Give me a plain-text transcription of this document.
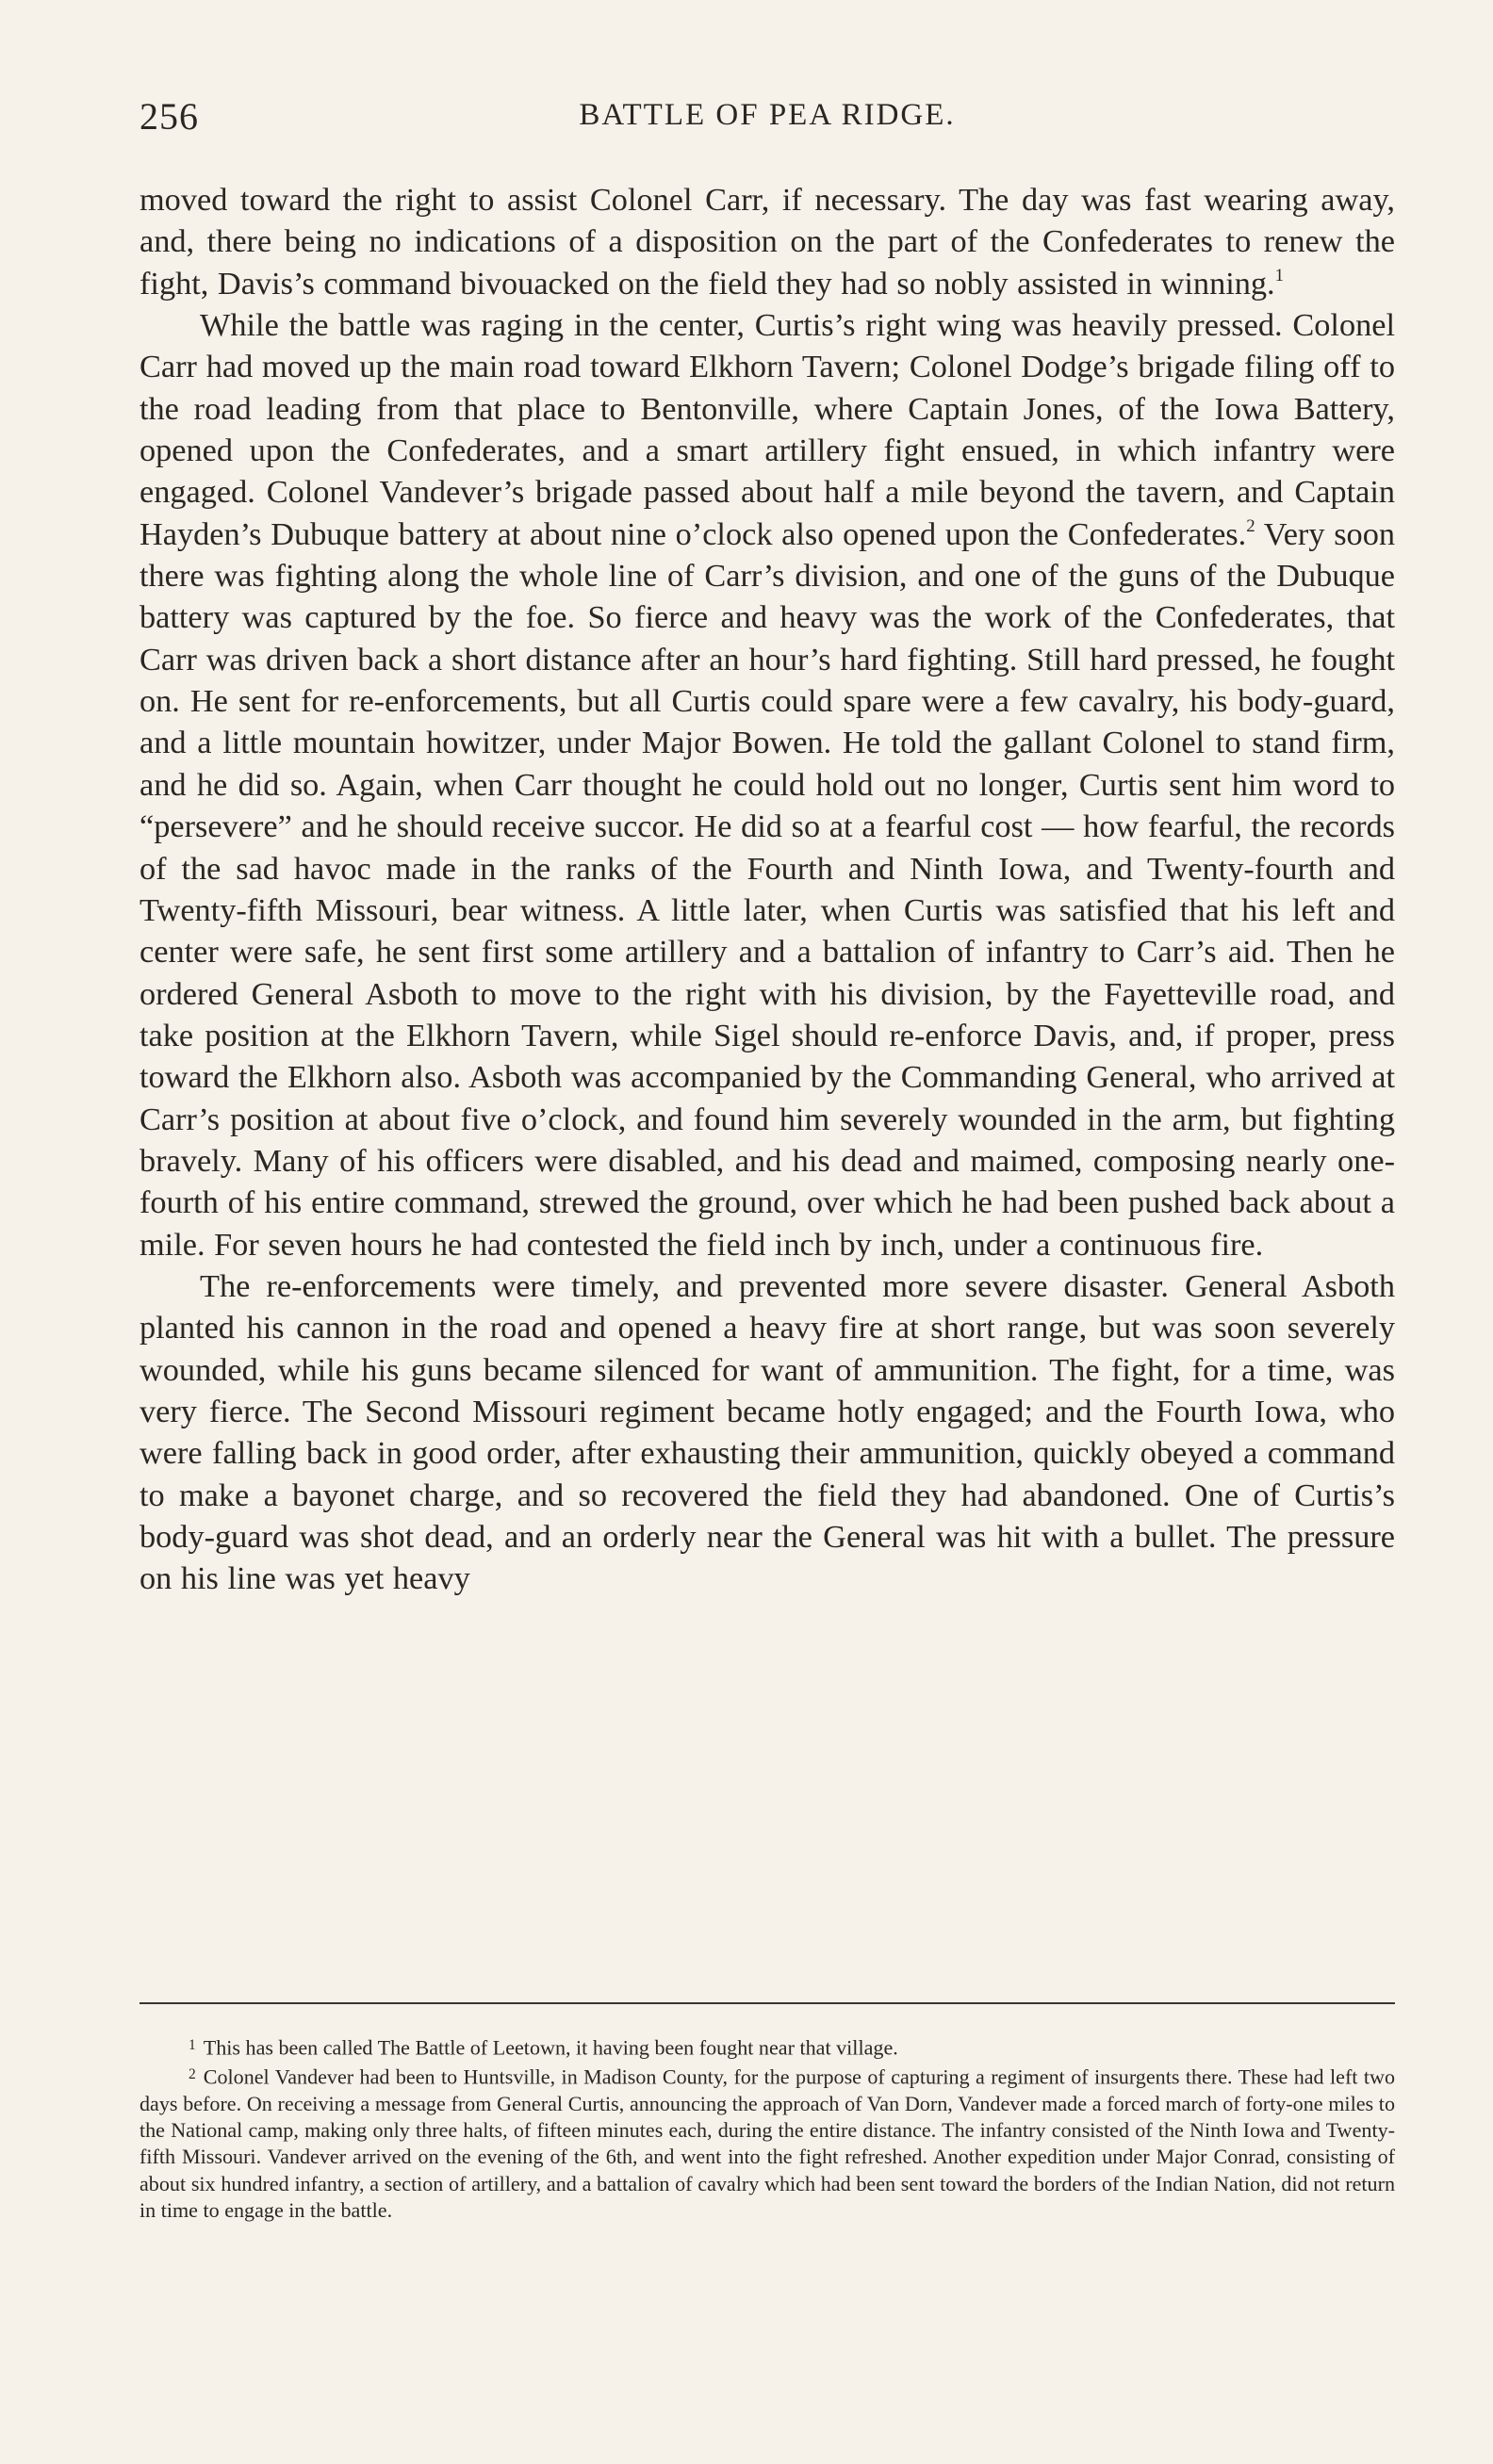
256	BATTLE OF PEA RIDGE.

moved toward the right to assist Colonel Carr, if necessary. The day was fast wearing away, and, there being no indications of a disposition on the part of the Confederates to renew the fight, Davis’s command bivouacked on the field they had so nobly assisted in winning.$^1$

While the battle was raging in the center, Curtis’s right wing was heavily pressed. Colonel Carr had moved up the main road toward Elkhorn Tavern; Colonel Dodge’s brigade filing off to the road leading from that place to Bentonville, where Captain Jones, of the Iowa Battery, opened upon the Confederates, and a smart artillery fight ensued, in which infantry were engaged. Colonel Vandever’s brigade passed about half a mile beyond the tavern, and Captain Hayden’s Dubuque battery at about nine o’clock also opened upon the Confederates.$^2$ Very soon there was fighting along the whole line of Carr’s division, and one of the guns of the Dubuque battery was captured by the foe. So fierce and heavy was the work of the Confederates, that Carr was driven back a short distance after an hour’s hard fighting. Still hard pressed, he fought on. He sent for re-enforcements, but all Curtis could spare were a few cavalry, his body-guard, and a little mountain howitzer, under Major Bowen. He told the gallant Colonel to stand firm, and he did so. Again, when Carr thought he could hold out no longer, Curtis sent him word to “persevere” and he should receive succor. He did so at a fearful cost — how fearful, the records of the sad havoc made in the ranks of the Fourth and Ninth Iowa, and Twenty-fourth and Twenty-fifth Missouri, bear witness. A little later, when Curtis was satisfied that his left and center were safe, he sent first some artillery and a battalion of infantry to Carr’s aid. Then he ordered General Asboth to move to the right with his division, by the Fayetteville road, and take position at the Elkhorn Tavern, while Sigel should re-enforce Davis, and, if proper, press toward the Elkhorn also. Asboth was accompanied by the Commanding General, who arrived at Carr’s position at about five o’clock, and found him severely wounded in the arm, but fighting bravely. Many of his officers were disabled, and his dead and maimed, composing nearly one-fourth of his entire command, strewed the ground, over which he had been pushed back about a mile. For seven hours he had contested the field inch by inch, under a continuous fire.

The re-enforcements were timely, and prevented more severe disaster. General Asboth planted his cannon in the road and opened a heavy fire at short range, but was soon severely wounded, while his guns became silenced for want of ammunition. The fight, for a time, was very fierce. The Second Missouri regiment became hotly engaged; and the Fourth Iowa, who were falling back in good order, after exhausting their ammunition, quickly obeyed a command to make a bayonet charge, and so recovered the field they had abandoned. One of Curtis’s body-guard was shot dead, and an orderly near the General was hit with a bullet. The pressure on his line was yet heavy

$^1$ This has been called The Battle of Leetown, it having been fought near that village.

$^2$ Colonel Vandever had been to Huntsville, in Madison County, for the purpose of capturing a regiment of insurgents there. These had left two days before. On receiving a message from General Curtis, announcing the approach of Van Dorn, Vandever made a forced march of forty-one miles to the National camp, making only three halts, of fifteen minutes each, during the entire distance. The infantry consisted of the Ninth Iowa and Twenty-fifth Missouri. Vandever arrived on the evening of the 6th, and went into the fight refreshed. Another expedition under Major Conrad, consisting of about six hundred infantry, a section of artillery, and a battalion of cavalry which had been sent toward the borders of the Indian Nation, did not return in time to engage in the battle.
